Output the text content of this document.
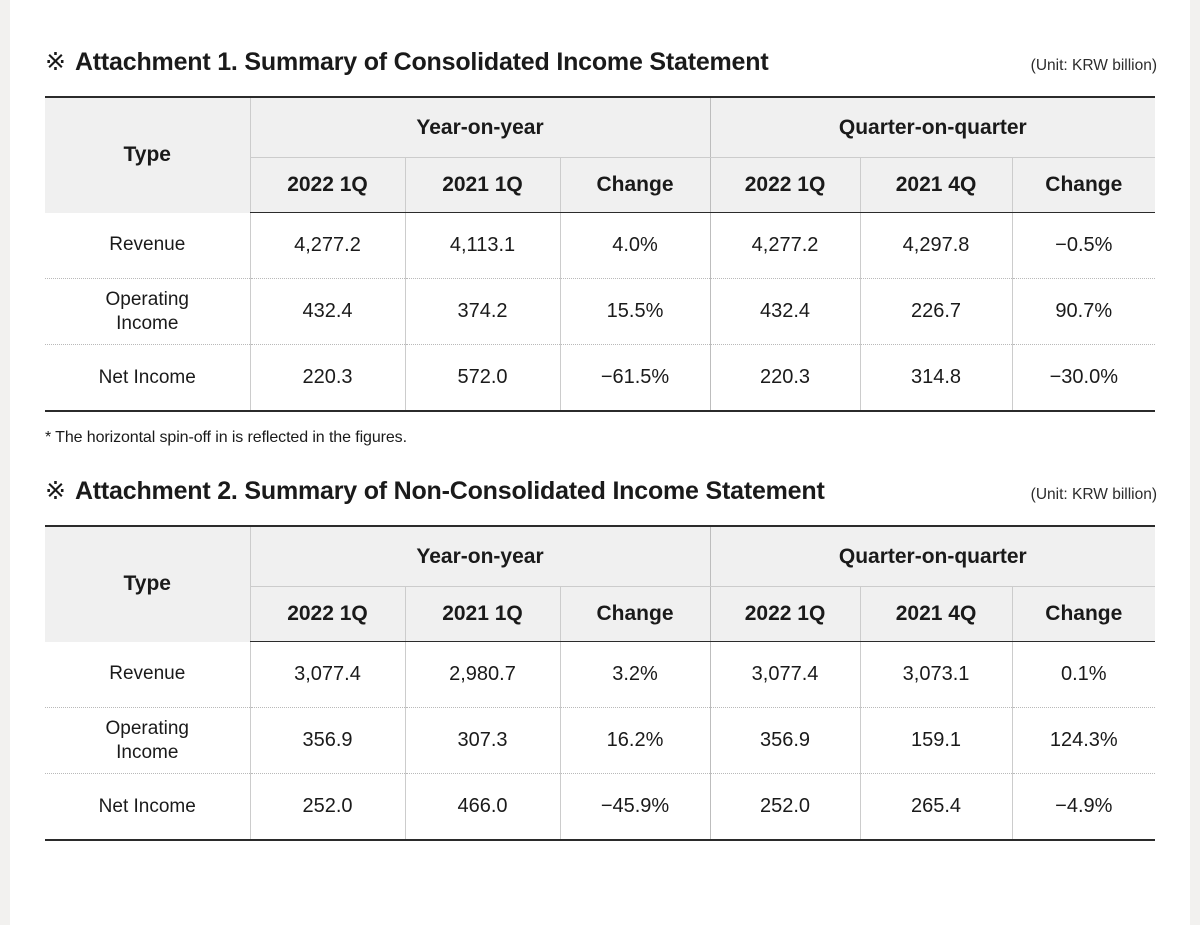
※ Attachment 1. Summary of Consolidated Income Statement	(Unit: KRW billion)
Type	Year-on-year			Quarter-on-quarter		
	2022 1Q	2021 1Q	Change	2022 1Q	2021 4Q	Change
Revenue	4,277.2	4,113.1	4.0%	4,277.2	4,297.8	−0.5%
Operating
Income	432.4	374.2	15.5%	432.4	226.7	90.7%
Net Income	220.3	572.0	−61.5%	220.3	314.8	−30.0%
* The horizontal spin-off in is reflected in the figures.
※ Attachment 2. Summary of Non-Consolidated Income Statement	(Unit: KRW billion)
Type	Year-on-year			Quarter-on-quarter		
	2022 1Q	2021 1Q	Change	2022 1Q	2021 4Q	Change
Revenue	3,077.4	2,980.7	3.2%	3,077.4	3,073.1	0.1%
Operating
Income	356.9	307.3	16.2%	356.9	159.1	124.3%
Net Income	252.0	466.0	−45.9%	252.0	265.4	−4.9%
